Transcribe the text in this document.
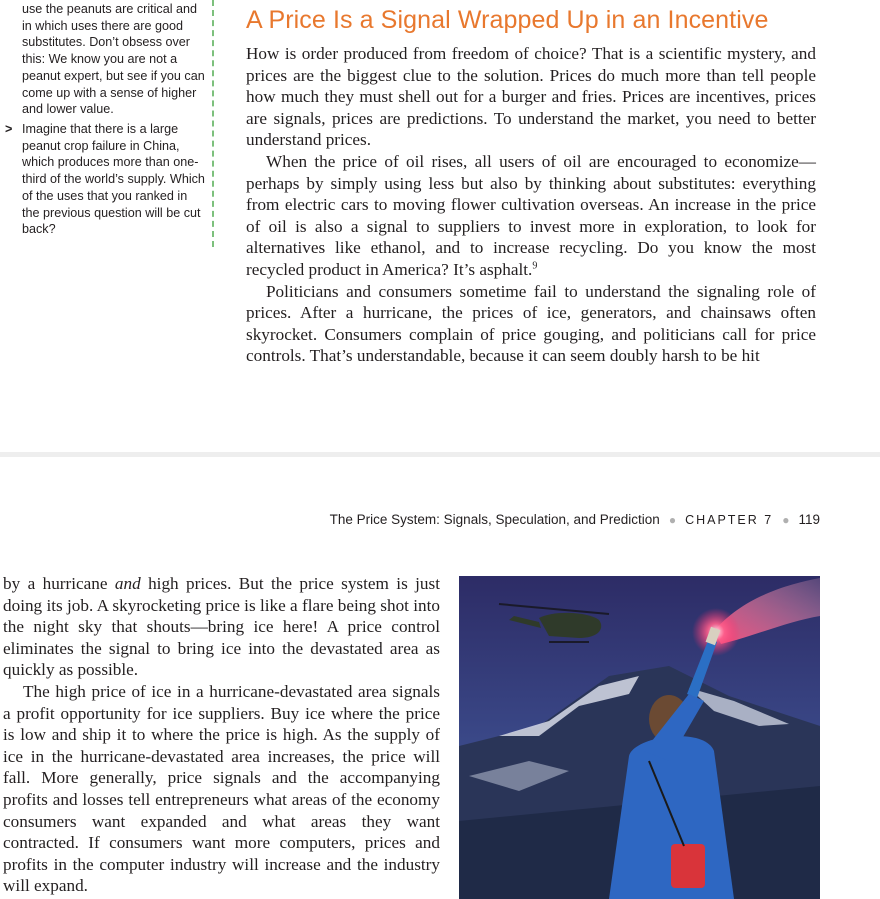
use the peanuts are critical and in which uses there are good substitutes. Don’t obsess over this: We know you are not a peanut expert, but see if you can come up with a sense of higher and lower value.

> Imagine that there is a large peanut crop failure in China, which produces more than one-third of the world’s supply. Which of the uses that you ranked in the previous question will be cut back?

A Price Is a Signal Wrapped Up in an Incentive

How is order produced from freedom of choice? That is a scientific mystery, and prices are the biggest clue to the solution. Prices do much more than tell people how much they must shell out for a burger and fries. Prices are incentives, prices are signals, prices are predictions. To understand the market, you need to better understand prices.

When the price of oil rises, all users of oil are encouraged to economize—perhaps by simply using less but also by thinking about substitutes: everything from electric cars to moving flower cultivation overseas. An increase in the price of oil is also a signal to suppliers to invest more in exploration, to look for alternatives like ethanol, and to increase recycling. Do you know the most recycled product in America? It’s asphalt.$^9$

Politicians and consumers sometime fail to understand the signaling role of prices. After a hurricane, the prices of ice, generators, and chainsaws often skyrocket. Consumers complain of price gouging, and politicians call for price controls. That’s understandable, because it can seem doubly harsh to be hit

The Price System: Signals, Speculation, and Prediction ● CHAPTER 7 ● 119

by a hurricane and high prices. But the price system is just doing its job. A skyrocketing price is like a flare being shot into the night sky that shouts—bring ice here! A price control eliminates the signal to bring ice into the devastated area as quickly as possible.

The high price of ice in a hurricane-devastated area signals a profit opportunity for ice suppliers. Buy ice where the price is low and ship it to where the price is high. As the supply of ice in the hurricane-devastated area increases, the price will fall. More generally, price signals and the accompanying profits and losses tell entrepreneurs what areas of the economy consumers want expanded and what areas they want contracted. If consumers want more computers, prices and profits in the computer industry will increase and the industry will expand.
